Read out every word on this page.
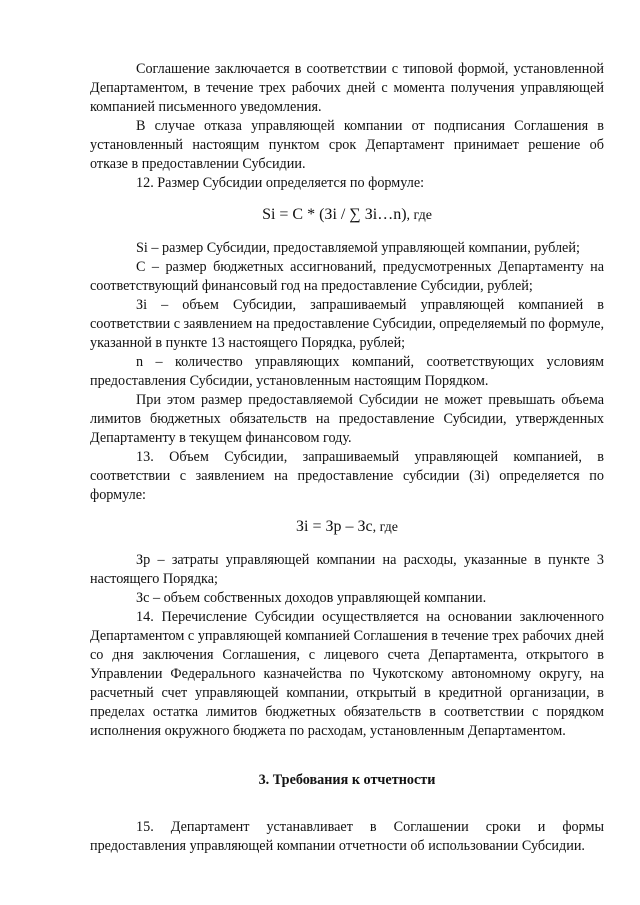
Соглашение заключается в соответствии с типовой формой, установленной Департаментом, в течение трех рабочих дней с момента получения управляющей компанией письменного уведомления.

В случае отказа управляющей компании от подписания Соглашения в установленный настоящим пунктом срок Департамент принимает решение об отказе в предоставлении Субсидии.

12. Размер Субсидии определяется по формуле:

Si = С * (Зi / ∑ Зi…n), где

Si – размер Субсидии, предоставляемой управляющей компании, рублей;

С – размер бюджетных ассигнований, предусмотренных Департаменту на соответствующий финансовый год на предоставление Субсидии, рублей;

Зi – объем Субсидии, запрашиваемый управляющей компанией в соответствии с заявлением на предоставление Субсидии, определяемый по формуле, указанной в пункте 13 настоящего Порядка, рублей;

n – количество управляющих компаний, соответствующих условиям предоставления Субсидии, установленным настоящим Порядком.

При этом размер предоставляемой Субсидии не может превышать объема лимитов бюджетных обязательств на предоставление Субсидии, утвержденных Департаменту в текущем финансовом году.

13. Объем Субсидии, запрашиваемый управляющей компанией, в соответствии с заявлением на предоставление субсидии (Зi) определяется по формуле:

Зi = Зр – Зс, где

Зр – затраты управляющей компании на расходы, указанные в пункте 3 настоящего Порядка;

Зс – объем собственных доходов управляющей компании.

14. Перечисление Субсидии осуществляется на основании заключенного Департаментом с управляющей компанией Соглашения в течение трех рабочих дней со дня заключения Соглашения, с лицевого счета Департамента, открытого в Управлении Федерального казначейства по Чукотскому автономному округу, на расчетный счет управляющей компании, открытый в кредитной организации, в пределах остатка лимитов бюджетных обязательств в соответствии с порядком исполнения окружного бюджета по расходам, установленным Департаментом.

3. Требования к отчетности

15. Департамент устанавливает в Соглашении сроки и формы предоставления управляющей компании отчетности об использовании Субсидии.
